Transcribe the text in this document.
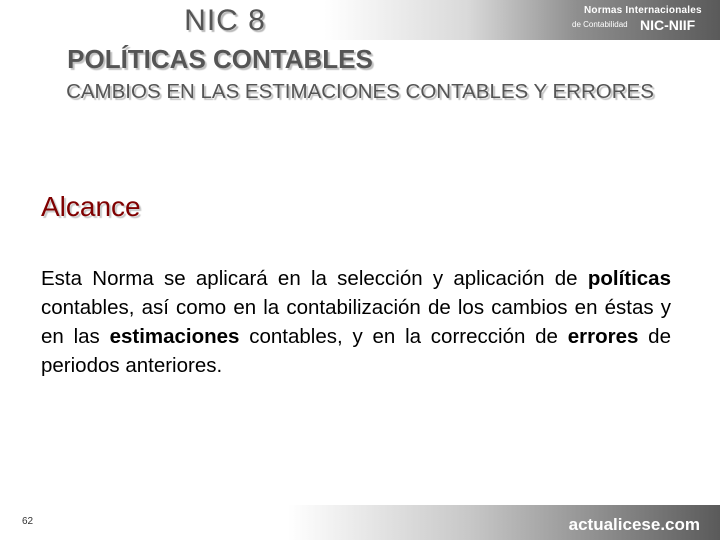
Normas Internacionales
de Contabilidad NIC-NIIF
NIC 8
POLÍTICAS CONTABLES
CAMBIOS EN LAS ESTIMACIONES CONTABLES Y ERRORES
Alcance
Esta Norma se aplicará en la selección y aplicación de políticas contables, así como en la contabilización de los cambios en éstas y en las estimaciones contables, y en la corrección de errores de periodos anteriores.
62	actualicese.com
